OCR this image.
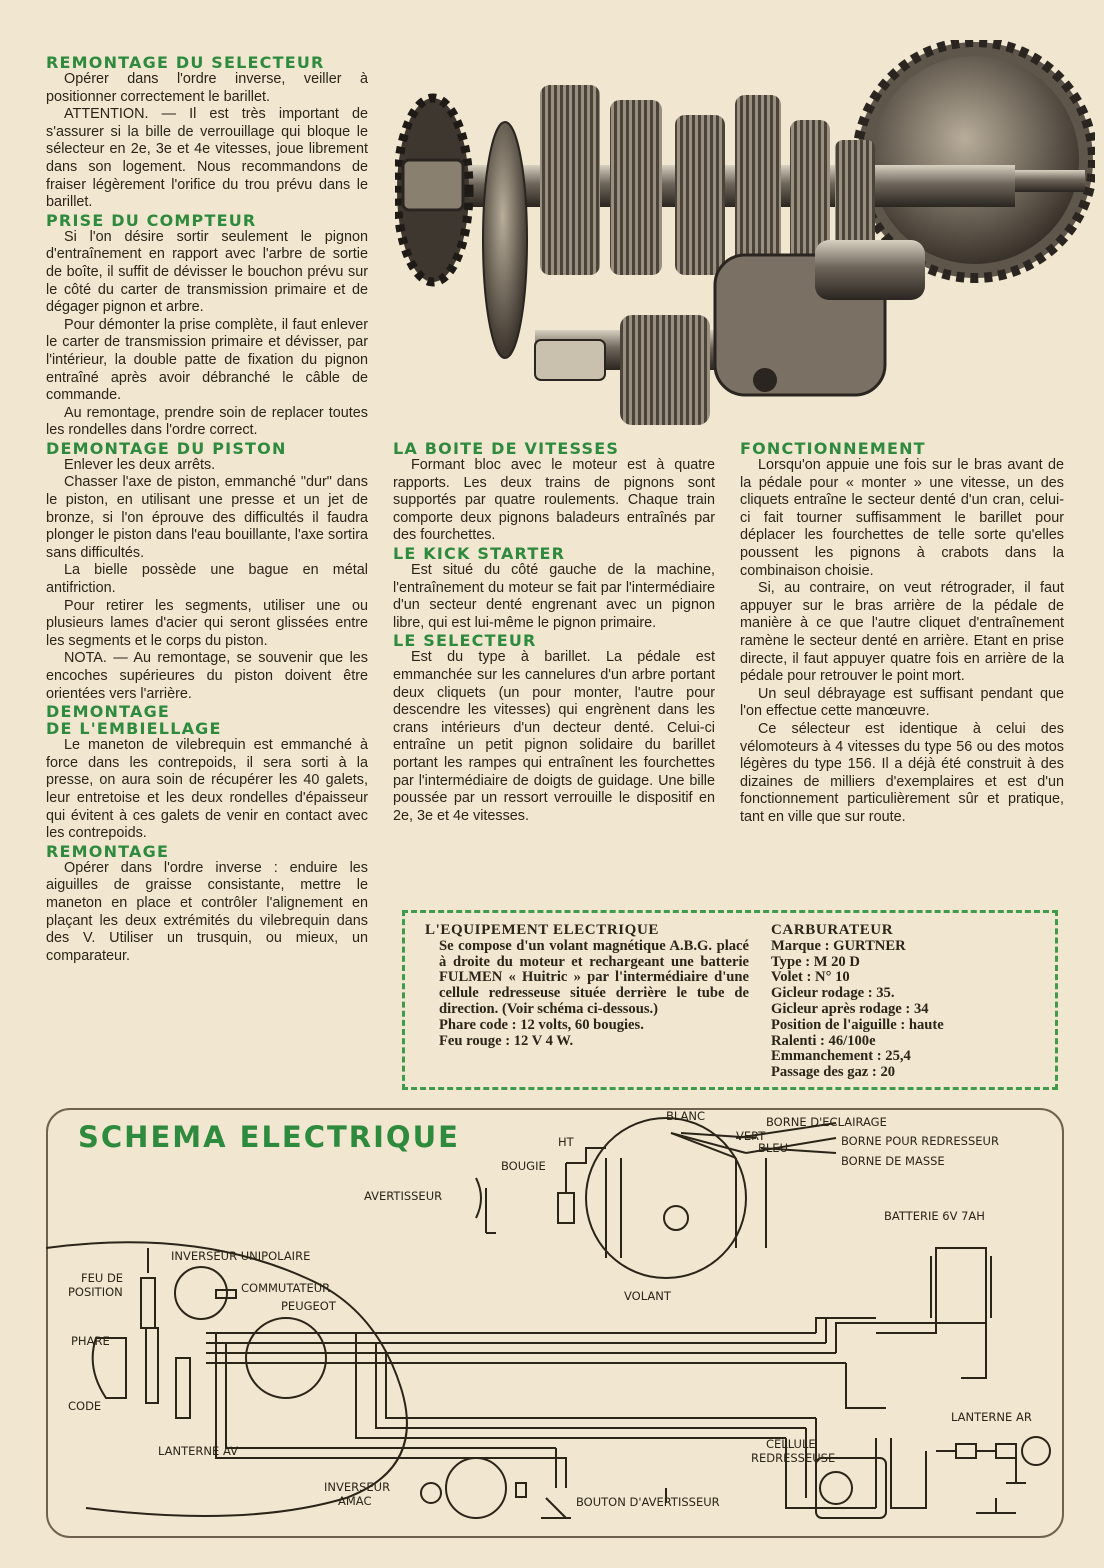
REMONTAGE DU SELECTEUR

Opérer dans l'ordre inverse, veiller à positionner correctement le barillet.

ATTENTION. — Il est très important de s'assurer si la bille de verrouillage qui bloque le sélecteur en 2e, 3e et 4e vitesses, joue librement dans son logement. Nous recommandons de fraiser légèrement l'orifice du trou prévu dans le barillet.

PRISE DU COMPTEUR

Si l'on désire sortir seulement le pignon d'entraînement en rapport avec l'arbre de sortie de boîte, il suffit de dévisser le bouchon prévu sur le côté du carter de transmission primaire et de dégager pignon et arbre.

Pour démonter la prise complète, il faut enlever le carter de transmission primaire et dévisser, par l'intérieur, la double patte de fixation du pignon entraîné après avoir débranché le câble de commande.

Au remontage, prendre soin de replacer toutes les rondelles dans l'ordre correct.

DEMONTAGE DU PISTON

Enlever les deux arrêts.

Chasser l'axe de piston, emmanché "dur" dans le piston, en utilisant une presse et un jet de bronze, si l'on éprouve des difficultés il faudra plonger le piston dans l'eau bouillante, l'axe sortira sans difficultés.

La bielle possède une bague en métal antifriction.

Pour retirer les segments, utiliser une ou plusieurs lames d'acier qui seront glissées entre les segments et le corps du piston.

NOTA. — Au remontage, se souvenir que les encoches supérieures du piston doivent être orientées vers l'arrière.

DEMONTAGE
DE L'EMBIELLAGE

Le maneton de vilebrequin est emmanché à force dans les contrepoids, il sera sorti à la presse, on aura soin de récupérer les 40 galets, leur entretoise et les deux rondelles d'épaisseur qui évitent à ces galets de venir en contact avec les contrepoids.

REMONTAGE

Opérer dans l'ordre inverse : enduire les aiguilles de graisse consistante, mettre le maneton en place et contrôler l'alignement en plaçant les deux extrémités du vilebrequin dans des V. Utiliser un trusquin, ou mieux, un comparateur.

LA BOITE DE VITESSES

Formant bloc avec le moteur est à quatre rapports. Les deux trains de pignons sont supportés par quatre roulements. Chaque train comporte deux pignons baladeurs entraînés par des fourchettes.

LE KICK STARTER

Est situé du côté gauche de la machine, l'entraînement du moteur se fait par l'intermédiaire d'un secteur denté engrenant avec un pignon libre, qui est lui-même le pignon primaire.

LE SELECTEUR

Est du type à barillet. La pédale est emmanchée sur les cannelures d'un arbre portant deux cliquets (un pour monter, l'autre pour descendre les vitesses) qui engrènent dans les crans intérieurs d'un decteur denté. Celui-ci entraîne un petit pignon solidaire du barillet portant les rampes qui entraînent les fourchettes par l'intermédiaire de doigts de guidage. Une bille poussée par un ressort verrouille le dispositif en 2e, 3e et 4e vitesses.

FONCTIONNEMENT

Lorsqu'on appuie une fois sur le bras avant de la pédale pour « monter » une vitesse, un des cliquets entraîne le secteur denté d'un cran, celui-ci fait tourner suffisamment le barillet pour déplacer les fourchettes de telle sorte qu'elles poussent les pignons à crabots dans la combinaison choisie.

Si, au contraire, on veut rétrograder, il faut appuyer sur le bras arrière de la pédale de manière à ce que l'autre cliquet d'entraînement ramène le secteur denté en arrière. Etant en prise directe, il faut appuyer quatre fois en arrière de la pédale pour retrouver le point mort.

Un seul débrayage est suffisant pendant que l'on effectue cette manœuvre.

Ce sélecteur est identique à celui des vélomoteurs à 4 vitesses du type 56 ou des motos légères du type 156. Il a déjà été construit à des dizaines de milliers d'exemplaires et est d'un fonctionnement particulièrement sûr et pratique, tant en ville que sur route.

L'EQUIPEMENT ELECTRIQUE
Se compose d'un volant magnétique A.B.G. placé à droite du moteur et rechargeant une batterie FULMEN « Huitric » par l'intermédiaire d'une cellule redresseuse située derrière le tube de direction. (Voir schéma ci-dessous.)
Phare code : 12 volts, 60 bougies.
Feu rouge : 12 V 4 W.
CARBURATEUR
Marque : GURTNER
Type : M 20 D
Volet : N° 10
Gicleur rodage : 35.
Gicleur après rodage : 34
Position de l'aiguille : haute
Ralenti : 46/100e
Emmanchement : 25,4
Passage des gaz : 20
SCHEMA ELECTRIQUE
BLANC	BORNE D'ECLAIRAGE
VERT	BORNE POUR REDRESSEUR
BLEU
BORNE DE MASSE
HT
BOUGIE
AVERTISSEUR
BATTERIE 6V 7AH
INVERSEUR UNIPOLAIRE
COMMUTATEUR
PEUGEOT
FEU DE
POSITION
PHARE
CODE
VOLANT
LANTERNE AV
LANTERNE AR
CELLULE
REDRESSEUSE
INVERSEUR
AMAC	BOUTON D'AVERTISSEUR
